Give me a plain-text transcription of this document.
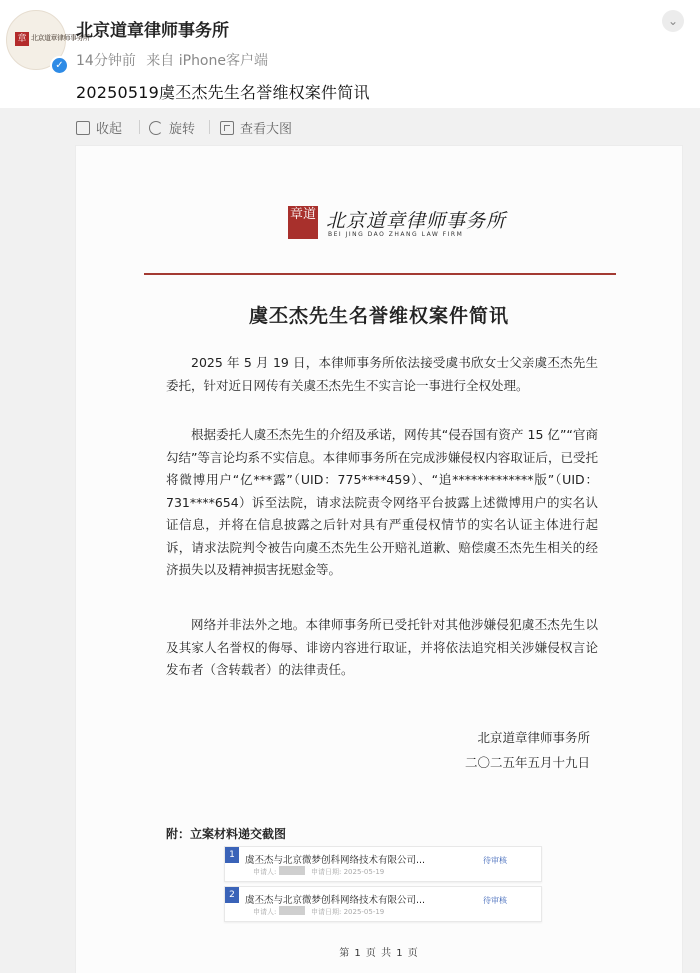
章 北京道章律师事务所
✓
北京道章律师事务所
14分钟前 来自 iPhone客户端
⌄
20250519虞丕杰先生名誉维权案件简讯
收起	旋转	查看大图
章道 北京道章律师事务所
BEI JING DAO ZHANG LAW FIRM
虞丕杰先生名誉维权案件简讯

2025 年 5 月 19 日，本律师事务所依法接受虞书欣女士父亲虞丕杰先生委托，针对近日网传有关虞丕杰先生不实言论一事进行全权处理。

根据委托人虞丕杰先生的介绍及承诺，网传其“侵吞国有资产 15 亿”“官商勾结”等言论均系不实信息。本律师事务所在完成涉嫌侵权内容取证后，已受托将微博用户“亿***露”（UID：775****459）、“追*************版”（UID：731****654）诉至法院，请求法院责令网络平台披露上述微博用户的实名认证信息，并将在信息披露之后针对具有严重侵权情节的实名认证主体进行起诉，请求法院判令被告向虞丕杰先生公开赔礼道歉、赔偿虞丕杰先生相关的经济损失以及精神损害抚慰金等。

网络并非法外之地。本律师事务所已受托针对其他涉嫌侵犯虞丕杰先生以及其家人名誉权的侮辱、诽谤内容进行取证，并将依法追究相关涉嫌侵权言论发布者（含转载者）的法律责任。

北京道章律师事务所
二〇二五年五月十九日
附：立案材料递交截图
1	虞丕杰与北京微梦创科网络技术有限公司...
申请人:	申请日期: 2025-05-19
待审核
2	虞丕杰与北京微梦创科网络技术有限公司...
申请人:	申请日期: 2025-05-19
待审核
第 1 页 共 1 页
